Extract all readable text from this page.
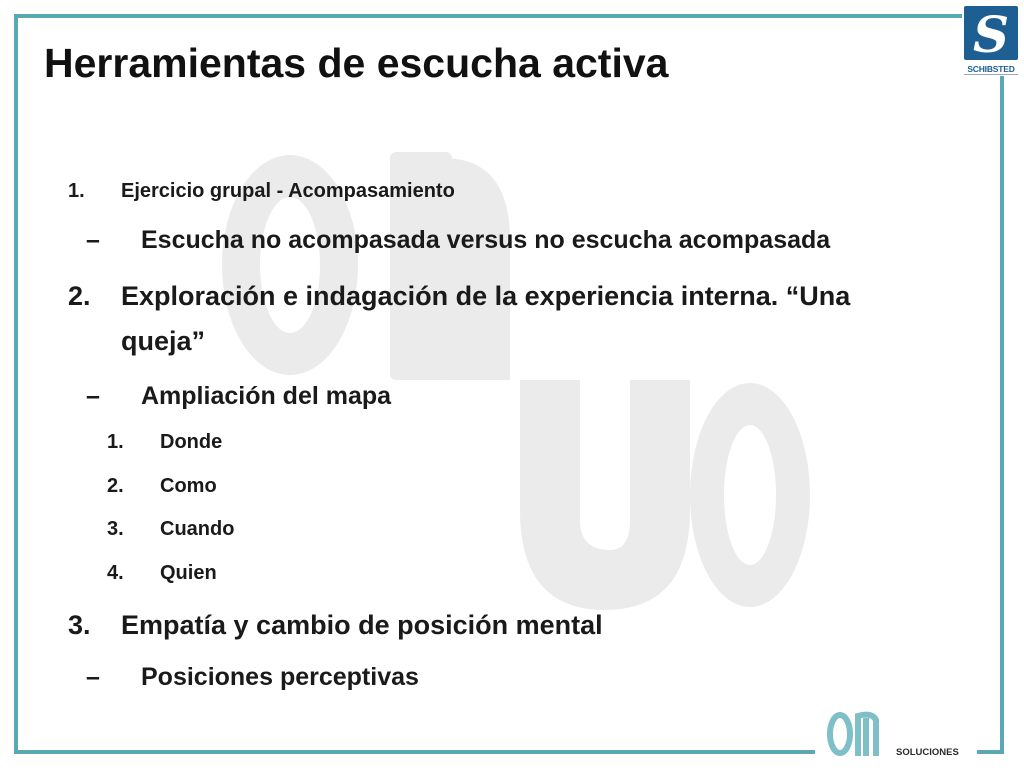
Herramientas de escucha activa	S
SCHIBSTED
1. Ejercicio grupal - Acompasamiento
– Escucha no acompasada versus no escucha acompasada
2. Exploración e indagación de la experiencia interna. “Una
queja”
– Ampliación del mapa
1. Donde
2. Como
3. Cuando
4. Quien
3. Empatía y cambio de posición mental
– Posiciones perceptivas
SOLUCIONES
